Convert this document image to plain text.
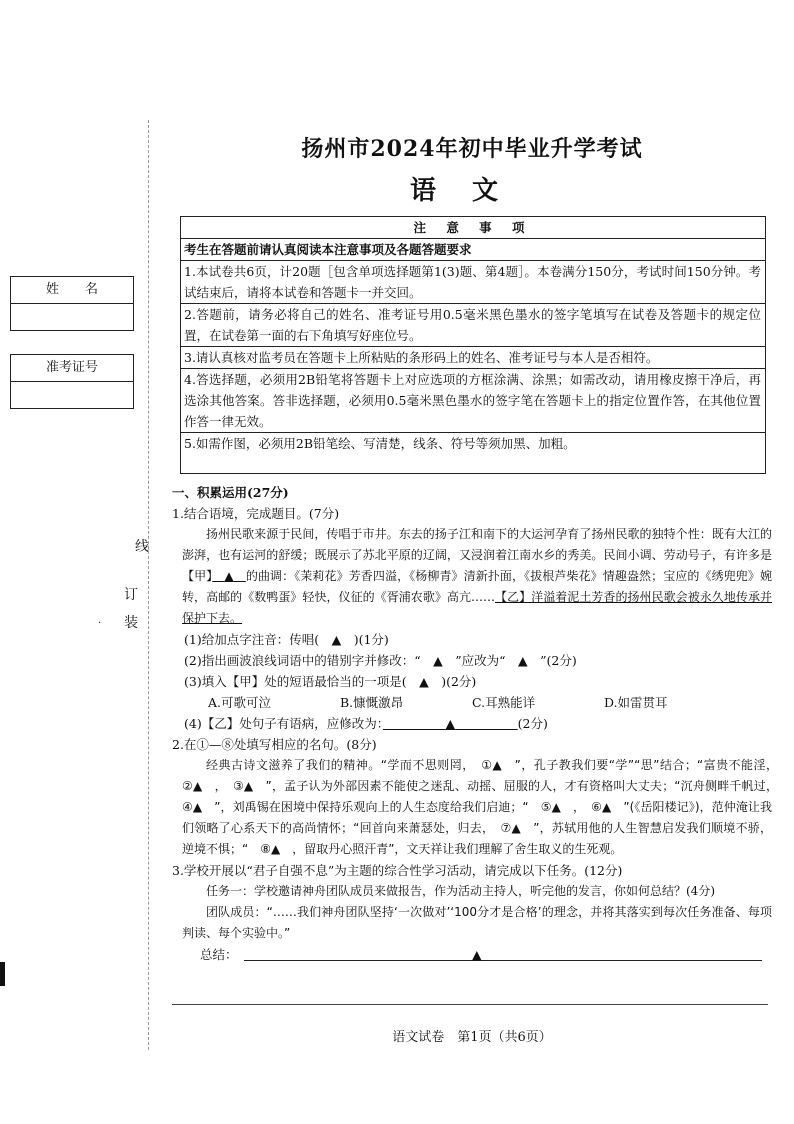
姓　　名
准考证号
线
订
装
·
扬州市2024年初中毕业升学考试
语文
注 意 事 项
考生在答题前请认真阅读本注意事项及各题答题要求
1.本试卷共6页，计20题［包含单项选择题第1(3)题、第4题］。本卷满分150分，考试时间150分钟。考试结束后，请将本试卷和答题卡一并交回。
2.答题前，请务必将自己的姓名、准考证号用0.5毫米黑色墨水的签字笔填写在试卷及答题卡的规定位置，在试卷第一面的右下角填写好座位号。
3.请认真核对监考员在答题卡上所粘贴的条形码上的姓名、准考证号与本人是否相符。
4.答选择题，必须用2B铅笔将答题卡上对应选项的方框涂满、涂黑；如需改动，请用橡皮擦干净后，再选涂其他答案。答非选择题，必须用0.5毫米黑色墨水的签字笔在答题卡上的指定位置作答，在其他位置作答一律无效。
5.如需作图，必须用2B铅笔绘、写清楚，线条、符号等须加黑、加粗。
一、积累运用(27分)
1.结合语境，完成题目。(7分)
扬州民歌来源于民间，传唱于市井。东去的扬子江和南下的大运河孕育了扬州民歌的独特个性：既有大江的澎湃，也有运河的舒缓；既展示了苏北平原的辽阔，又浸润着江南水乡的秀美。民间小调、劳动号子，有许多是【甲】　 ▲　 的曲调：《茉莉花》芳香四溢，《杨柳青》清新扑面，《拔根芦柴花》情趣盎然；宝应的《绣兜兜》婉转，高邮的《数鸭蛋》轻快，仪征的《胥浦农歌》高亢……【乙】洋溢着泥土芳香的扬州民歌会被永久地传承并保护下去。
(1)给加点字注音：传唱(　▲　)(1分)
(2)指出画波浪线词语中的错别字并修改：“　▲　”应改为“　▲　”(2分)
(3)填入【甲】处的短语最恰当的一项是(　▲　)(2分)
A.可歌可泣	B.慷慨激昂	C.耳熟能详	D.如雷贯耳
(4)【乙】处句子有语病，应修改为：　　　　　	▲　　　　　	(2分)
2.在①—⑧处填写相应的名句。(8分)
经典古诗文滋养了我们的精神。“学而不思则罔，　①▲　”，孔子教我们要“学”“思”结合；“富贵不能淫，　②▲　，　③▲　”，孟子认为外部因素不能使之迷乱、动摇、屈服的人，才有资格叫大丈夫；“沉舟侧畔千帆过，　④▲　”，刘禹锡在困境中保持乐观向上的人生态度给我们启迪；“　⑤▲　，　⑥▲　”(《岳阳楼记》)，范仲淹让我们领略了心系天下的高尚情怀；“回首向来萧瑟处，归去，　⑦▲　”，苏轼用他的人生智慧启发我们顺境不骄，逆境不惧；“　⑧▲　，留取丹心照汗青”，文天祥让我们理解了舍生取义的生死观。
3.学校开展以“君子自强不息”为主题的综合性学习活动，请完成以下任务。(12分)
任务一：学校邀请神舟团队成员来做报告，作为活动主持人，听完他的发言，你如何总结？(4分)
团队成员：“……我们神舟团队坚持‘一次做对’‘100分才是合格’的理念，并将其落实到每次任务准备、每项判读、每个实验中。”
总结：	▲
语文试卷　第1页（共6页）
